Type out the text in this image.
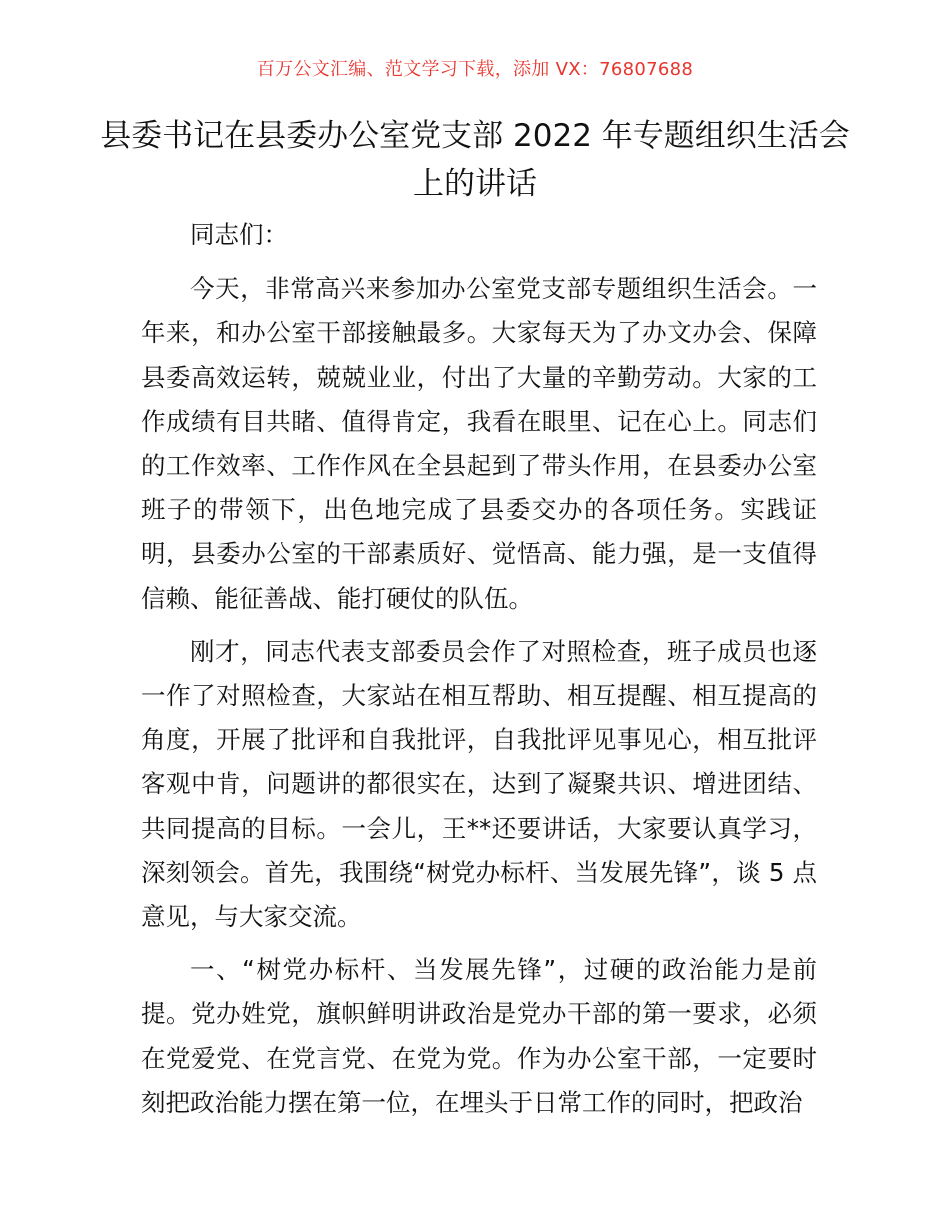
百万公文汇编、范文学习下载，添加 VX：76807688
县委书记在县委办公室党支部 2022 年专题组织生活会上的讲话

同志们：

今天，非常高兴来参加办公室党支部专题组织生活会。一年来，和办公室干部接触最多。大家每天为了办文办会、保障县委高效运转，兢兢业业，付出了大量的辛勤劳动。大家的工作成绩有目共睹、值得肯定，我看在眼里、记在心上。同志们的工作效率、工作作风在全县起到了带头作用，在县委办公室班子的带领下，出色地完成了县委交办的各项任务。实践证明，县委办公室的干部素质好、觉悟高、能力强，是一支值得信赖、能征善战、能打硬仗的队伍。

刚才，同志代表支部委员会作了对照检查，班子成员也逐一作了对照检查，大家站在相互帮助、相互提醒、相互提高的角度，开展了批评和自我批评，自我批评见事见心，相互批评客观中肯，问题讲的都很实在，达到了凝聚共识、增进团结、共同提高的目标。一会儿，王**还要讲话，大家要认真学习，深刻领会。首先，我围绕“树党办标杆、当发展先锋”，谈 5 点意见，与大家交流。

一、“树党办标杆、当发展先锋”，过硬的政治能力是前提。党办姓党，旗帜鲜明讲政治是党办干部的第一要求，必须在党爱党、在党言党、在党为党。作为办公室干部，一定要时刻把政治能力摆在第一位，在埋头于日常工作的同时，把政治
